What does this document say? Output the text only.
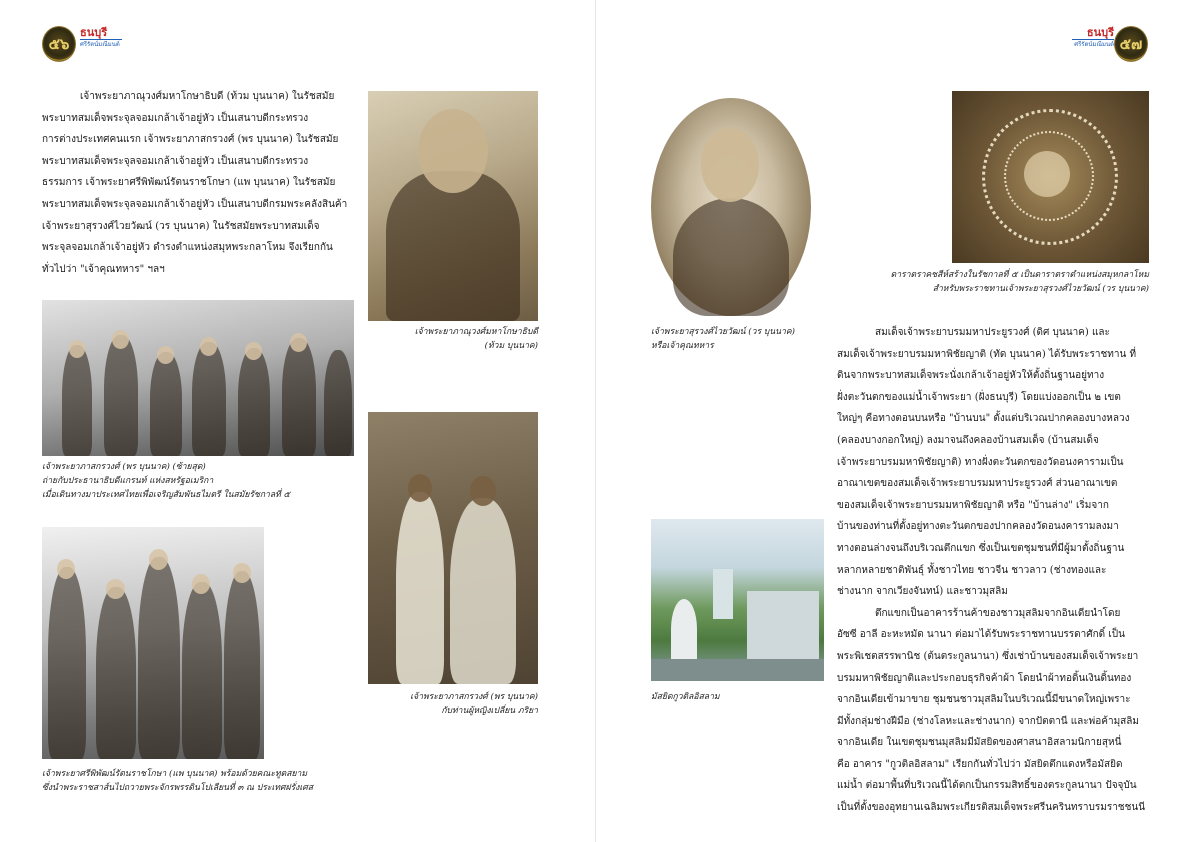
๕๖
ธนบุรี
ศรีรัตน์มณีมนต์
ธนบุรี
ศรีรัตน์มณีมนต์ ๕๗
เจ้าพระยาภาณุวงศ์มหาโกษาธิบดี (ท้วม บุนนาค) ในรัชสมัย
พระบาทสมเด็จพระจุลจอมเกล้าเจ้าอยู่หัว เป็นเสนาบดีกระทรวง
การต่างประเทศคนแรก เจ้าพระยาภาสกรวงศ์ (พร บุนนาค) ในรัชสมัย
พระบาทสมเด็จพระจุลจอมเกล้าเจ้าอยู่หัว เป็นเสนาบดีกระทรวง
ธรรมการ เจ้าพระยาศรีพิพัฒน์รัตนราชโกษา (แพ บุนนาค) ในรัชสมัย
พระบาทสมเด็จพระจุลจอมเกล้าเจ้าอยู่หัว เป็นเสนาบดีกรมพระคลังสินค้า
เจ้าพระยาสุรวงศ์ไวยวัฒน์ (วร บุนนาค) ในรัชสมัยพระบาทสมเด็จ
พระจุลจอมเกล้าเจ้าอยู่หัว ดำรงตำแหน่งสมุหพระกลาโหม จึงเรียกกัน
ทั่วไปว่า "เจ้าคุณทหาร" ฯลฯ
เจ้าพระยาภาสกรวงศ์ (พร บุนนาค) (ซ้ายสุด)
ถ่ายกับประธานาธิบดีแกรนท์ แห่งสหรัฐอเมริกา
เมื่อเดินทางมาประเทศไทยเพื่อเจริญสัมพันธไมตรี ในสมัยรัชกาลที่ ๕
เจ้าพระยาศรีพิพัฒน์รัตนราชโกษา (แพ บุนนาค) พร้อมด้วยคณะทูตสยาม
ซึ่งนำพระราชสาส์นไปถวายพระจักรพรรดินโปเลียนที่ ๓ ณ ประเทศฝรั่งเศส
เจ้าพระยาภาณุวงศ์มหาโกษาธิบดี
(ท้วม บุนนาค)
เจ้าพระยาภาสกรวงศ์ (พร บุนนาค)
กับท่านผู้หญิงเปลี่ยน ภริยา
เจ้าพระยาสุรวงศ์ไวยวัฒน์ (วร บุนนาค)
หรือเจ้าคุณทหาร
ดาราตราคชสีห์สร้างในรัชกาลที่ ๕ เป็นดาราตราตำแหน่งสมุหกลาโหม
สำหรับพระราชทานเจ้าพระยาสุรวงศ์ไวยวัฒน์ (วร บุนนาค)
มัสยิดกูวติลอิสลาม
สมเด็จเจ้าพระยาบรมมหาประยูรวงศ์ (ดิศ บุนนาค) และ
สมเด็จเจ้าพระยาบรมมหาพิชัยญาติ (ทัด บุนนาค) ได้รับพระราชทาน ที่
ดินจากพระบาทสมเด็จพระนั่งเกล้าเจ้าอยู่หัวให้ตั้งถิ่นฐานอยู่ทาง
ฝั่งตะวันตกของแม่น้ำเจ้าพระยา (ฝั่งธนบุรี) โดยแบ่งออกเป็น ๒ เขต
ใหญ่ๆ คือทางตอนบนหรือ "บ้านบน" ตั้งแต่บริเวณปากคลองบางหลวง
(คลองบางกอกใหญ่) ลงมาจนถึงคลองบ้านสมเด็จ (บ้านสมเด็จ
เจ้าพระยาบรมมหาพิชัยญาติ) ทางฝั่งตะวันตกของวัดอนงคารามเป็น
อาณาเขตของสมเด็จเจ้าพระยาบรมมหาประยูรวงศ์ ส่วนอาณาเขต
ของสมเด็จเจ้าพระยาบรมมหาพิชัยญาติ หรือ "บ้านล่าง" เริ่มจาก
บ้านของท่านที่ตั้งอยู่ทางตะวันตกของปากคลองวัดอนงคารามลงมา
ทางตอนล่างจนถึงบริเวณตึกแขก ซึ่งเป็นเขตชุมชนที่มีผู้มาตั้งถิ่นฐาน
หลากหลายชาติพันธุ์ ทั้งชาวไทย ชาวจีน ชาวลาว (ช่างทองและ
ช่างนาก จากเวียงจันทน์) และชาวมุสลิม
ตึกแขกเป็นอาคารร้านค้าของชาวมุสลิมจากอินเดียนำโดย
อัซซี อาลี อะหะหมัด นานา ต่อมาได้รับพระราชทานบรรดาศักดิ์ เป็น
พระพิเชตสรรพานิช (ต้นตระกูลนานา) ซึ่งเช่าบ้านของสมเด็จเจ้าพระยา
บรมมหาพิชัยญาติและประกอบธุรกิจค้าผ้า โดยนำผ้าทอดิ้นเงินดิ้นทอง
จากอินเดียเข้ามาขาย ชุมชนชาวมุสลิมในบริเวณนี้มีขนาดใหญ่เพราะ
มีทั้งกลุ่มช่างฝีมือ (ช่างโลหะและช่างนาก) จากปัตตานี และพ่อค้ามุสลิม
จากอินเดีย ในเขตชุมชนมุสลิมมีมัสยิดของศาสนาอิสลามนิกายสุหนี่
คือ อาคาร "กูวติลอิสลาม" เรียกกันทั่วไปว่า มัสยิดตึกแดงหรือมัสยิด
แม่น้ำ ต่อมาพื้นที่บริเวณนี้ได้ตกเป็นกรรมสิทธิ์ของตระกูลนานา ปัจจุบัน
เป็นที่ตั้งของอุทยานเฉลิมพระเกียรติสมเด็จพระศรีนครินทราบรมราชชนนี
